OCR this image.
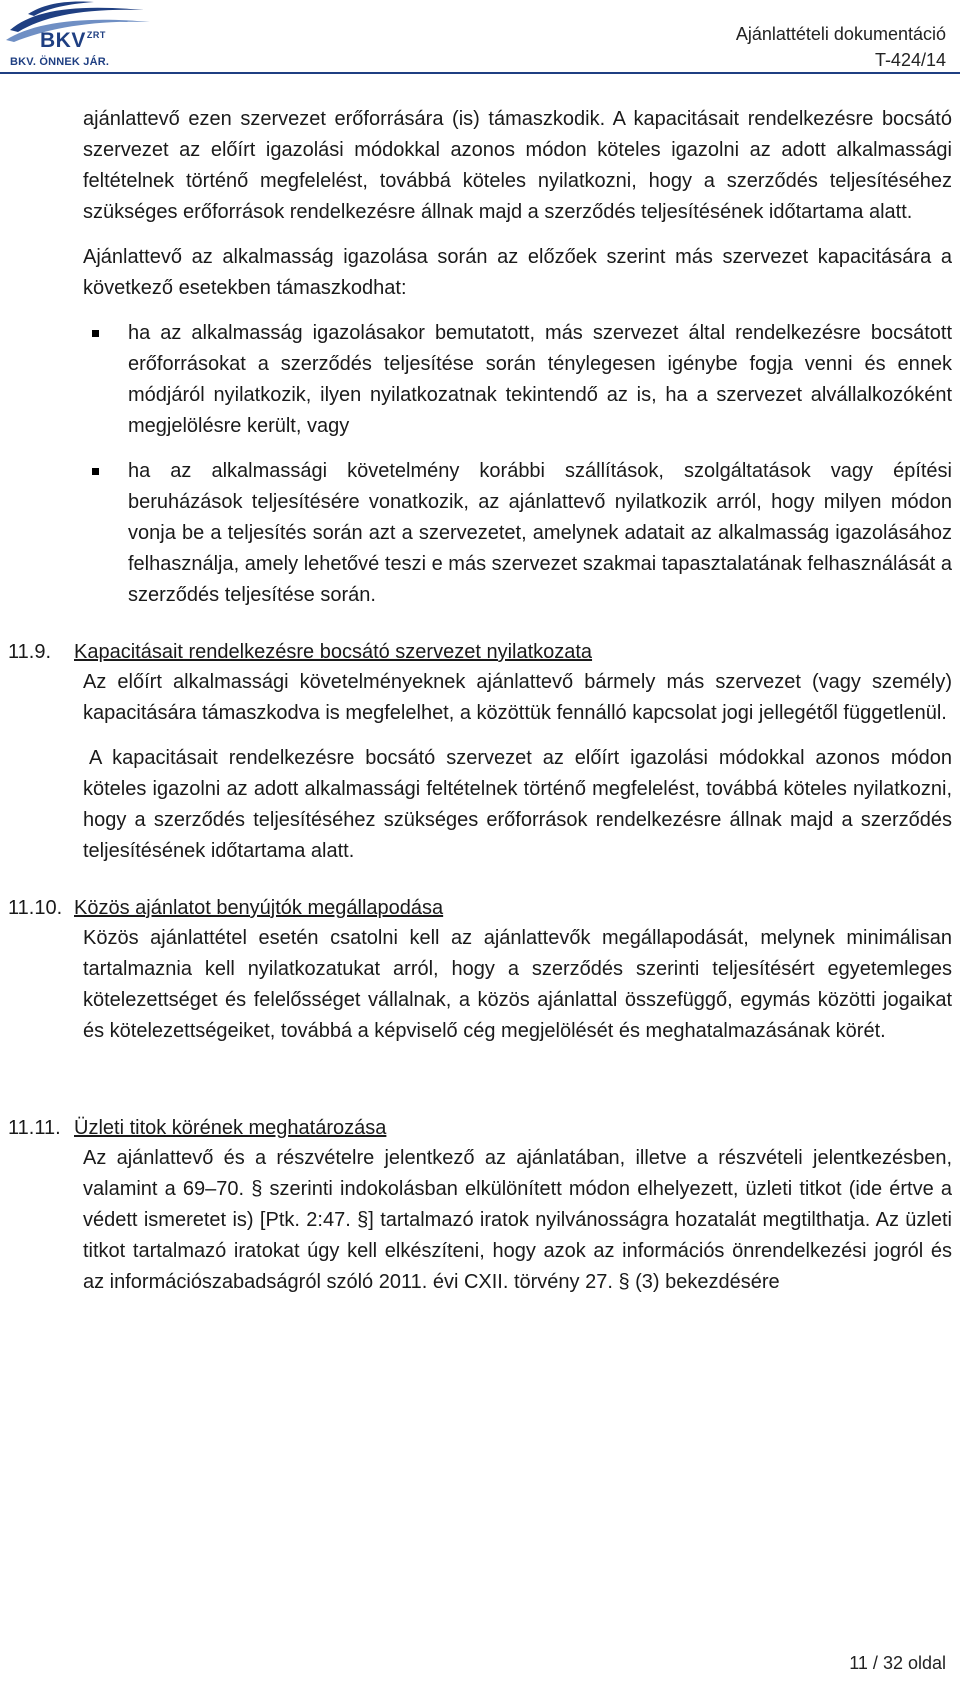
$BKV^{ZRT}$
BKV. ÖNNEK JÁR.
Ajánlattételi dokumentáció
T-424/14

ajánlattevő ezen szervezet erőforrására (is) támaszkodik. A kapacitásait rendelkezésre bocsátó szervezet az előírt igazolási módokkal azonos módon köteles igazolni az adott alkalmassági feltételnek történő megfelelést, továbbá köteles nyilatkozni, hogy a szerződés teljesítéséhez szükséges erőforrások rendelkezésre állnak majd a szerződés teljesítésének időtartama alatt.

Ajánlattevő az alkalmasság igazolása során az előzőek szerint más szervezet kapacitására a következő esetekben támaszkodhat:

ha az alkalmasság igazolásakor bemutatott, más szervezet által rendelkezésre bocsátott erőforrásokat a szerződés teljesítése során ténylegesen igénybe fogja venni és ennek módjáról nyilatkozik, ilyen nyilatkozatnak tekintendő az is, ha a szervezet alvállalkozóként megjelölésre került, vagy
ha az alkalmassági követelmény korábbi szállítások, szolgáltatások vagy építési beruházások teljesítésére vonatkozik, az ajánlattevő nyilatkozik arról, hogy milyen módon vonja be a teljesítés során azt a szervezetet, amelynek adatait az alkalmasság igazolásához felhasználja, amely lehetővé teszi e más szervezet szakmai tapasztalatának felhasználását a szerződés teljesítése során.
11.9.	Kapacitásait rendelkezésre bocsátó szervezet nyilatkozata

Az előírt alkalmassági követelményeknek ajánlattevő bármely más szervezet (vagy személy) kapacitására támaszkodva is megfelelhet, a közöttük fennálló kapcsolat jogi jellegétől függetlenül.

A kapacitásait rendelkezésre bocsátó szervezet az előírt igazolási módokkal azonos módon köteles igazolni az adott alkalmassági feltételnek történő megfelelést, továbbá köteles nyilatkozni, hogy a szerződés teljesítéséhez szükséges erőforrások rendelkezésre állnak majd a szerződés teljesítésének időtartama alatt.

11.10. Közös ajánlatot benyújtók megállapodása

Közös ajánlattétel esetén csatolni kell az ajánlattevők megállapodását, melynek minimálisan tartalmaznia kell nyilatkozatukat arról, hogy a szerződés szerinti teljesítésért egyetemleges kötelezettséget és felelősséget vállalnak, a közös ajánlattal összefüggő, egymás közötti jogaikat és kötelezettségeiket, továbbá a képviselő cég megjelölését és meghatalmazásának körét.

11.11. Üzleti titok körének meghatározása

Az ajánlattevő és a részvételre jelentkező az ajánlatában, illetve a részvételi jelentkezésben, valamint a 69–70. § szerinti indokolásban elkülönített módon elhelyezett, üzleti titkot (ide értve a védett ismeretet is) [Ptk. 2:47. §] tartalmazó iratok nyilvánosságra hozatalát megtilthatja. Az üzleti titkot tartalmazó iratokat úgy kell elkészíteni, hogy azok az információs önrendelkezési jogról és az információszabadságról szóló 2011. évi CXII. törvény 27. § (3) bekezdésére

11 / 32 oldal
